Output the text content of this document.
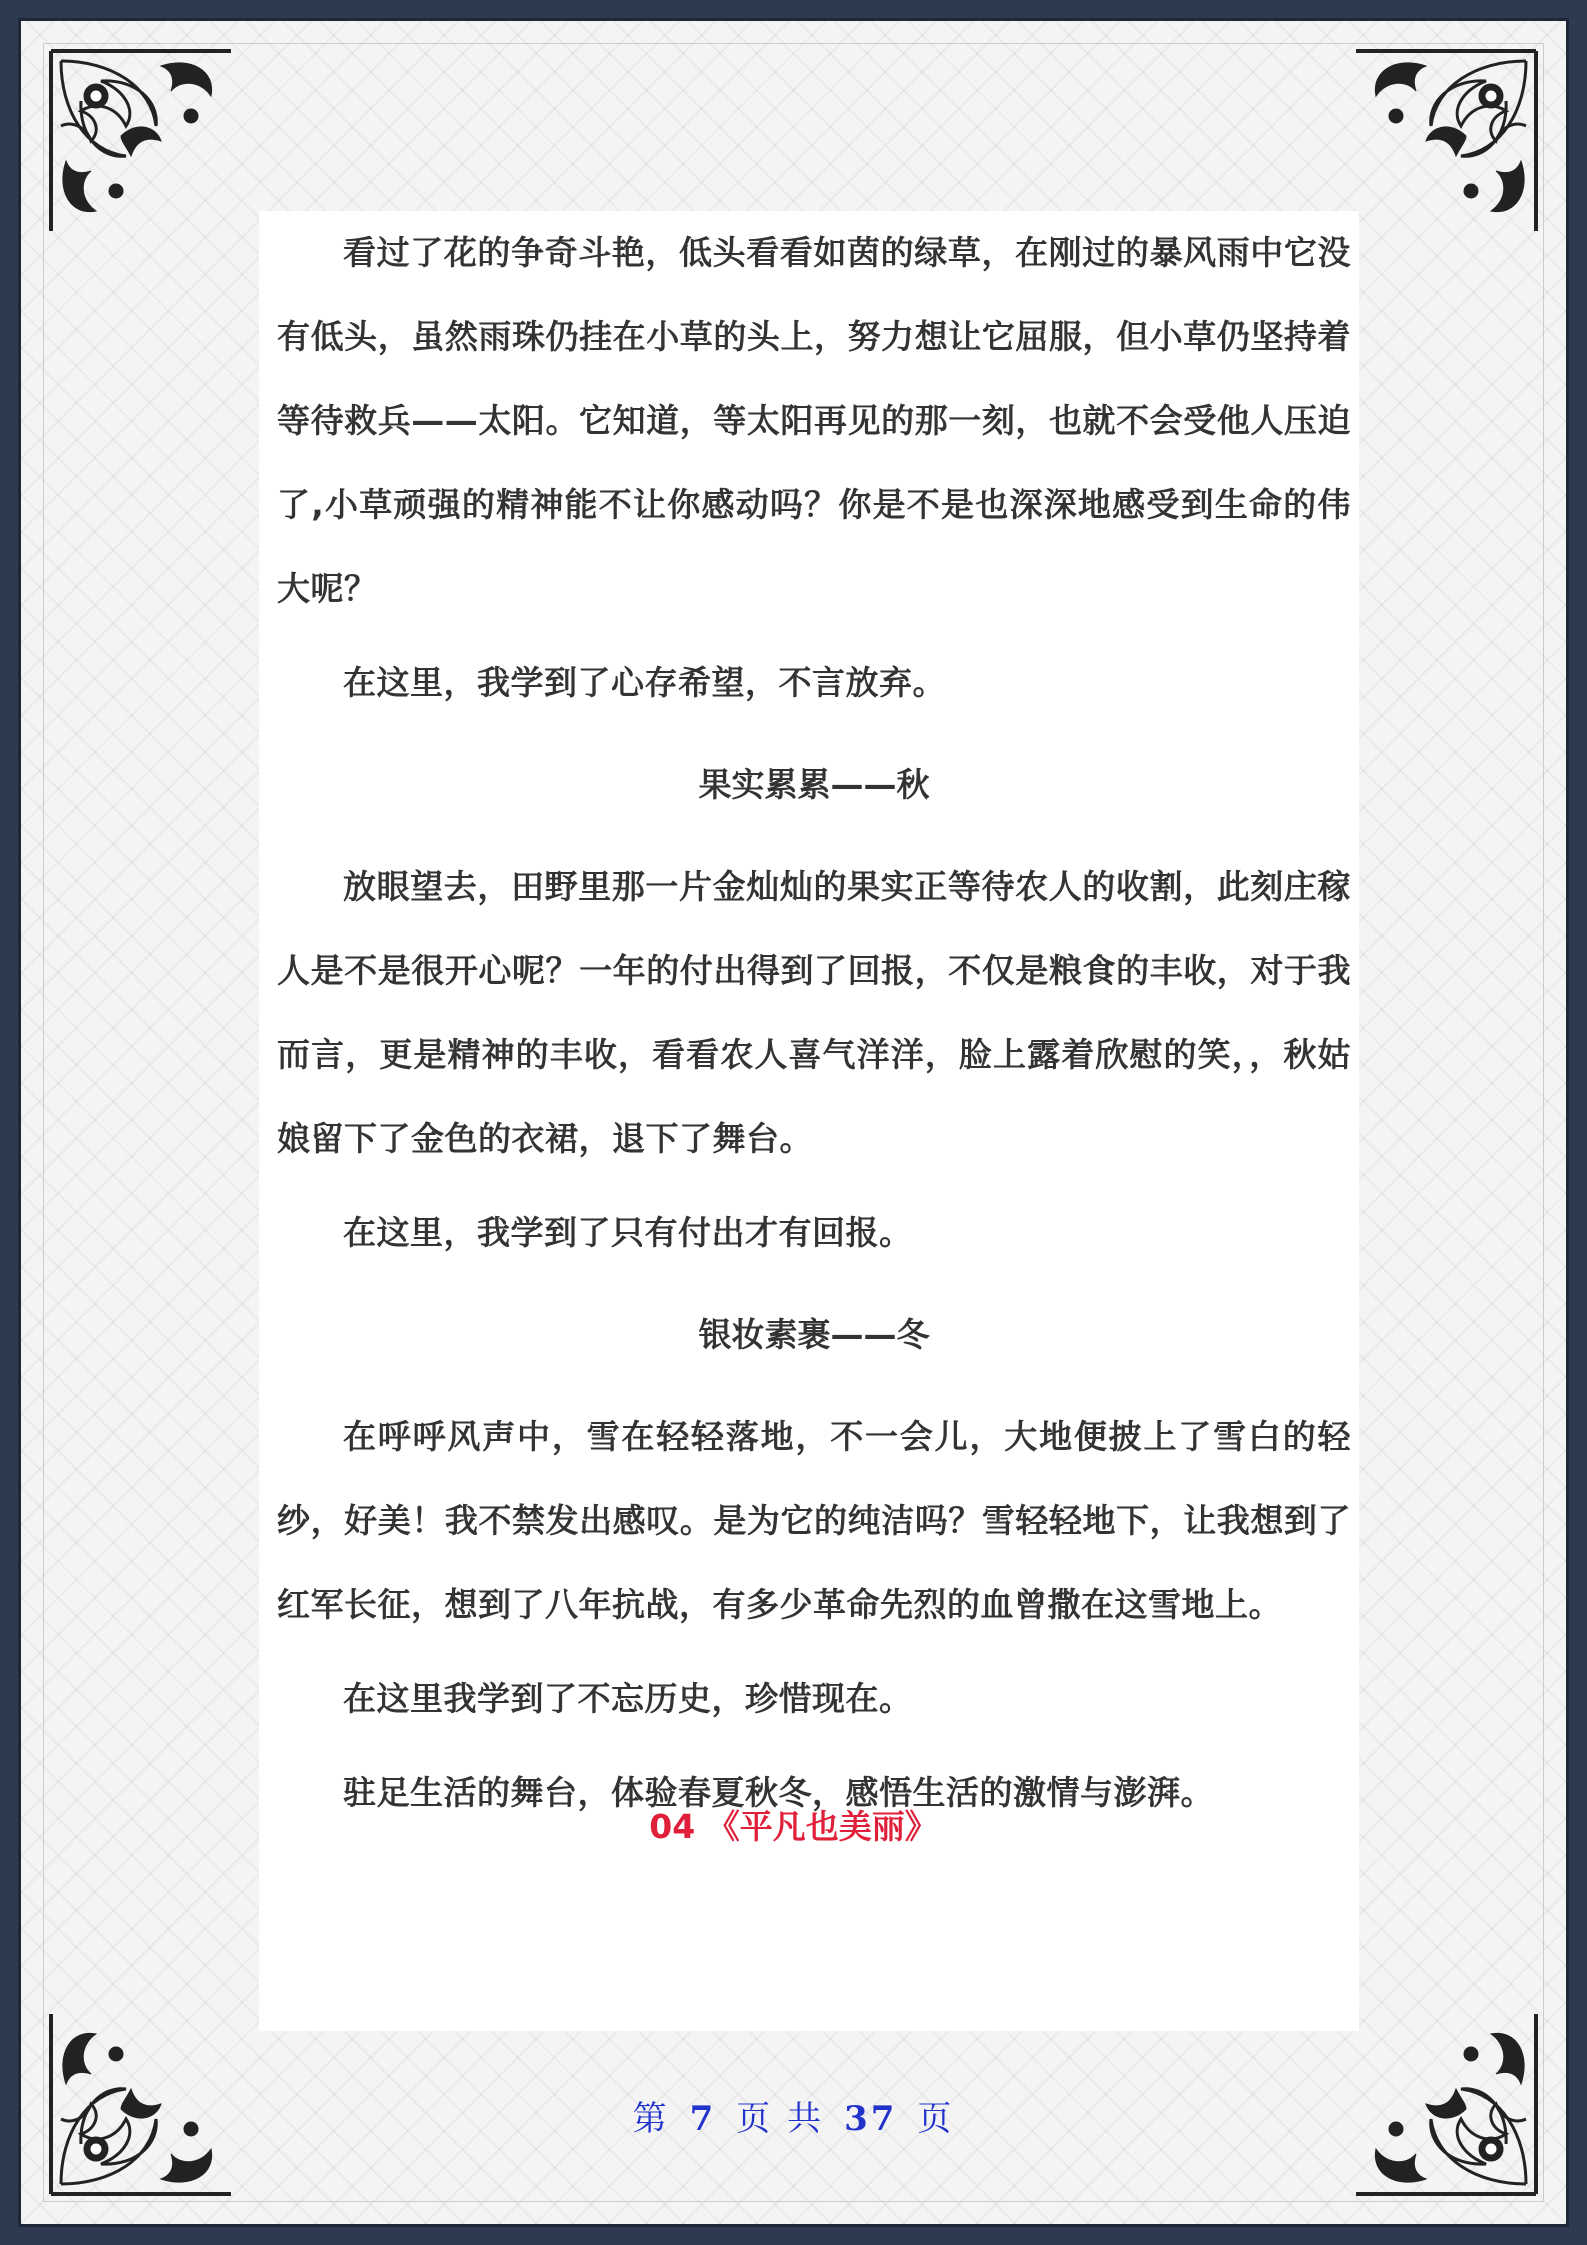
看过了花的争奇斗艳，低头看看如茵的绿草，在刚过的暴风雨中它没有低头，虽然雨珠仍挂在小草的头上，努力想让它屈服，但小草仍坚持着等待救兵——太阳。它知道，等太阳再见的那一刻，也就不会受他人压迫了,小草顽强的精神能不让你感动吗？你是不是也深深地感受到生命的伟大呢？

在这里，我学到了心存希望，不言放弃。

果实累累——秋

放眼望去，田野里那一片金灿灿的果实正等待农人的收割，此刻庄稼人是不是很开心呢？一年的付出得到了回报，不仅是粮食的丰收，对于我而言，更是精神的丰收，看看农人喜气洋洋，脸上露着欣慰的笑，，秋姑娘留下了金色的衣裙，退下了舞台。

在这里，我学到了只有付出才有回报。

银妆素裹——冬

在呼呼风声中，雪在轻轻落地，不一会儿，大地便披上了雪白的轻纱，好美！我不禁发出感叹。是为它的纯洁吗？雪轻轻地下，让我想到了红军长征，想到了八年抗战，有多少革命先烈的血曾撒在这雪地上。

在这里我学到了不忘历史，珍惜现在。

驻足生活的舞台，体验春夏秋冬，感悟生活的激情与澎湃。

04 《平凡也美丽》
第 7 页 共 37 页
